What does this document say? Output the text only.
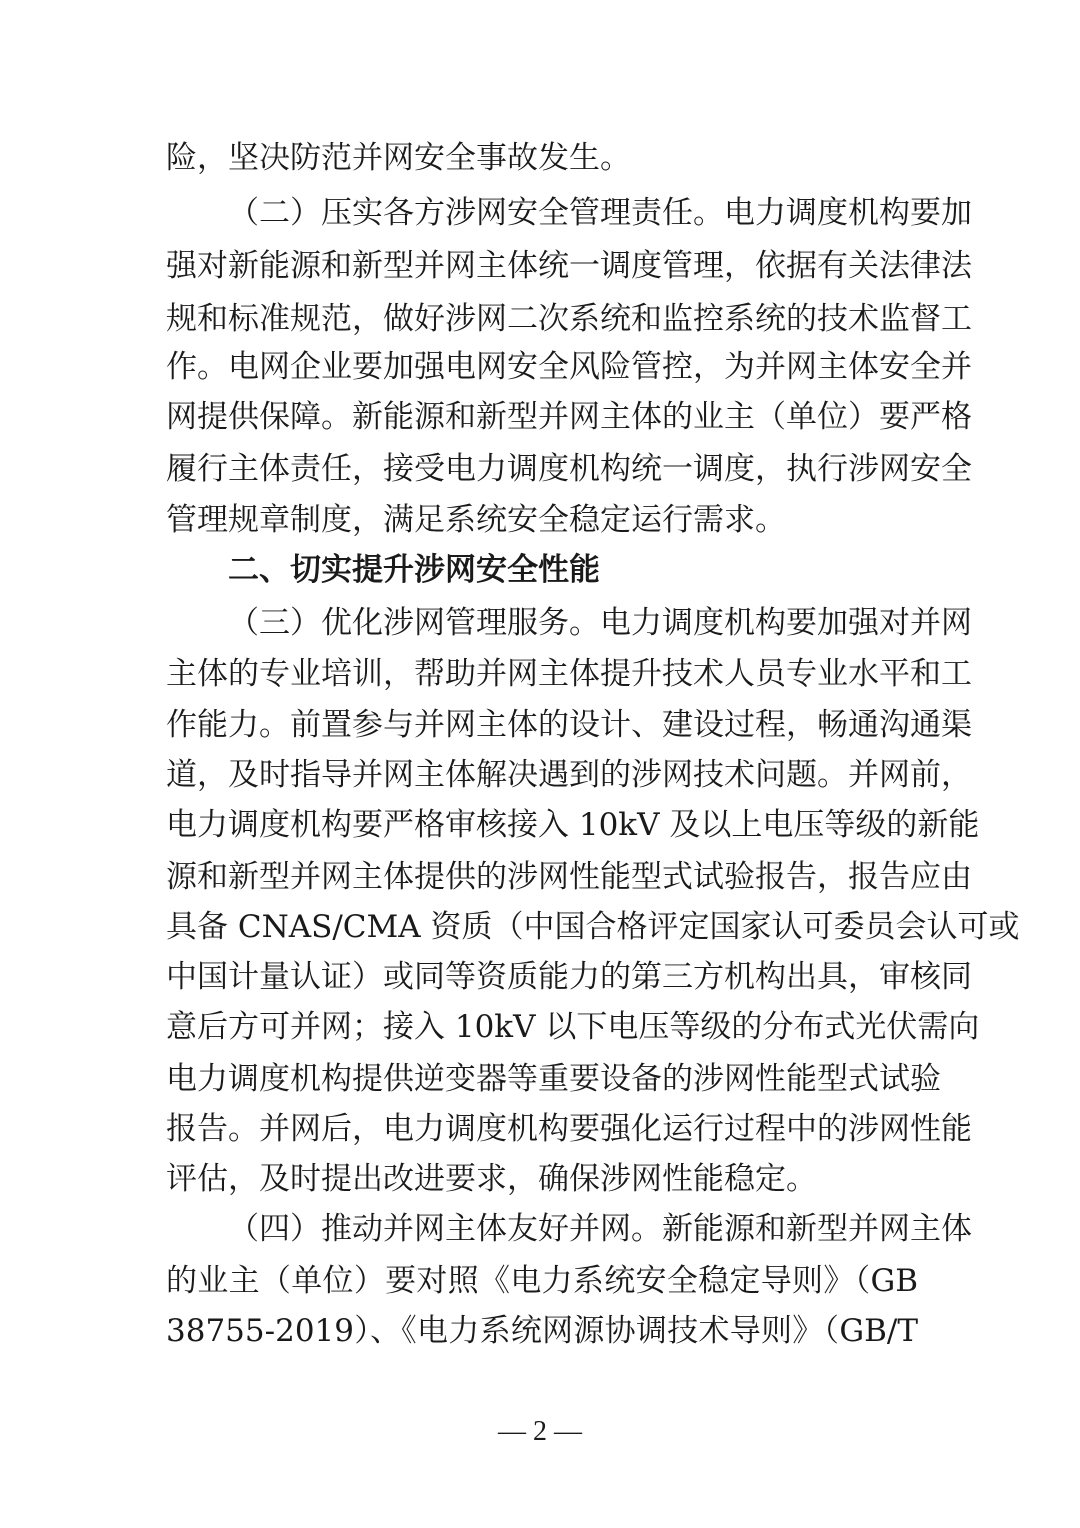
险，坚决防范并网安全事故发生。
（二）压实各方涉网安全管理责任。电力调度机构要加
强对新能源和新型并网主体统一调度管理，依据有关法律法
规和标准规范，做好涉网二次系统和监控系统的技术监督工
作。电网企业要加强电网安全风险管控，为并网主体安全并
网提供保障。新能源和新型并网主体的业主（单位）要严格
履行主体责任，接受电力调度机构统一调度，执行涉网安全
管理规章制度，满足系统安全稳定运行需求。
二、切实提升涉网安全性能
（三）优化涉网管理服务。电力调度机构要加强对并网
主体的专业培训，帮助并网主体提升技术人员专业水平和工
作能力。前置参与并网主体的设计、建设过程，畅通沟通渠
道，及时指导并网主体解决遇到的涉网技术问题。并网前，
电力调度机构要严格审核接入 10kV 及以上电压等级的新能
源和新型并网主体提供的涉网性能型式试验报告，报告应由
具备 CNAS/CMA 资质（中国合格评定国家认可委员会认可或
中国计量认证）或同等资质能力的第三方机构出具，审核同
意后方可并网；接入 10kV 以下电压等级的分布式光伏需向
电力调度机构提供逆变器等重要设备的涉网性能型式试验
报告。并网后，电力调度机构要强化运行过程中的涉网性能
评估，及时提出改进要求，确保涉网性能稳定。
（四）推动并网主体友好并网。新能源和新型并网主体
的业主（单位）要对照《电力系统安全稳定导则》（GB
38755-2019）、《电力系统网源协调技术导则》（GB/T
— 2 —
